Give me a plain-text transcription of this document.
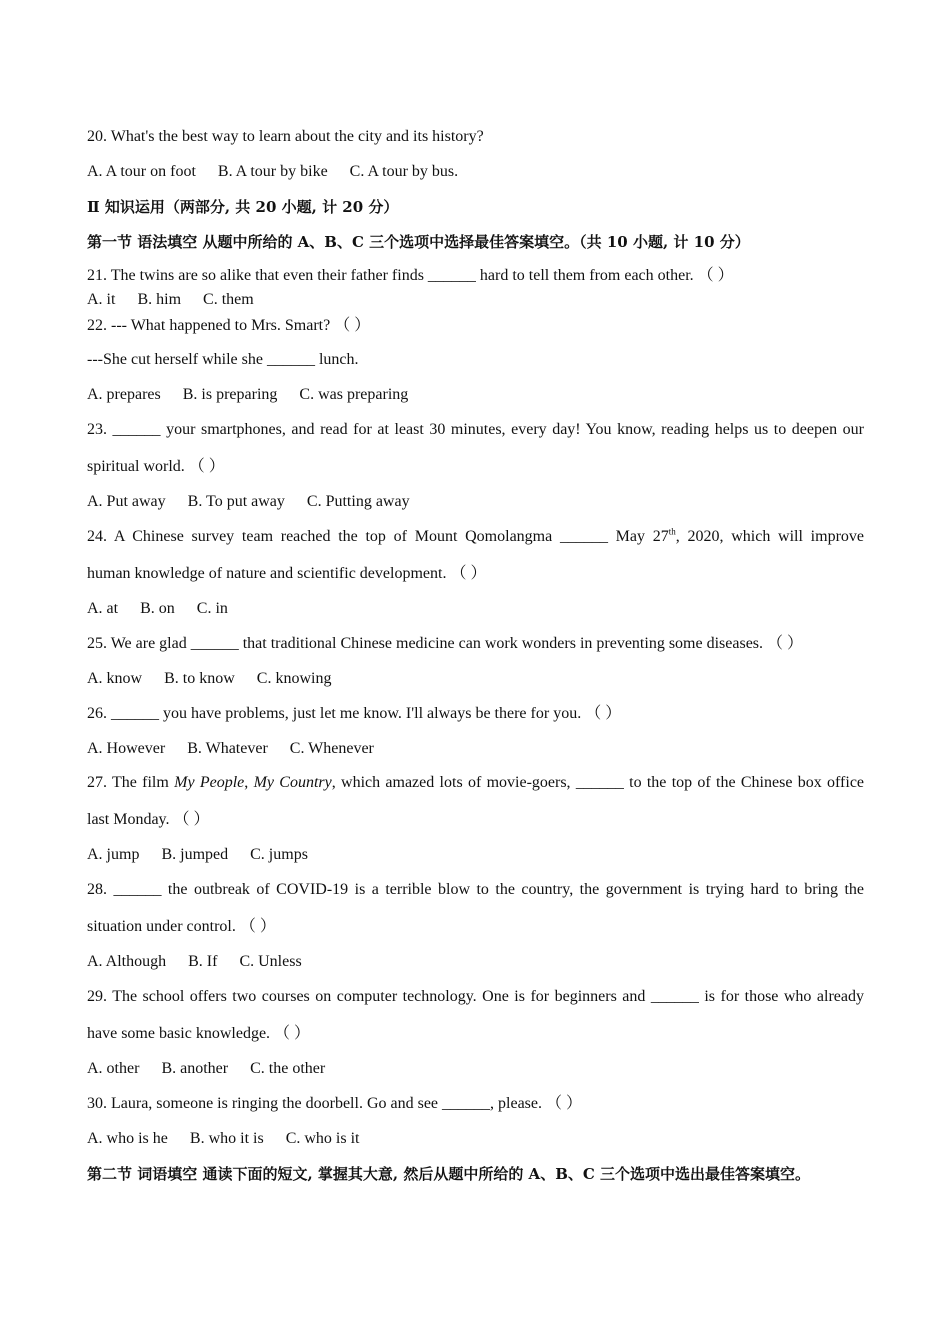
20. What's the best way to learn about the city and its history?
A. A tour on foot B. A tour by bike C. A tour by bus.
Ⅱ 知识运用（两部分, 共 20 小题, 计 20 分）
第一节 语法填空 从题中所给的 A、B、C 三个选项中选择最佳答案填空。（共 10 小题, 计 10 分）
21. The twins are so alike that even their father finds ______ hard to tell them from each other. （ ）
A. it B. him C. them
22. --- What happened to Mrs. Smart? （ ）
---She cut herself while she ______ lunch.
A. prepares B. is preparing C. was preparing
23. ______ your smartphones, and read for at least 30 minutes, every day! You know, reading helps us to deepen our
spiritual world. （ ）
A. Put away B. To put away C. Putting away
24. A Chinese survey team reached the top of Mount Qomolangma ______ May 27th, 2020, which will improve
human knowledge of nature and scientific development. （ ）
A. at B. on C. in
25. We are glad ______ that traditional Chinese medicine can work wonders in preventing some diseases. （ ）
A. know B. to know C. knowing
26. ______ you have problems, just let me know. I'll always be there for you. （ ）
A. However B. Whatever C. Whenever
27. The film My People, My Country, which amazed lots of movie-goers, ______ to the top of the Chinese box office
last Monday. （ ）
A. jump B. jumped C. jumps
28. ______ the outbreak of COVID-19 is a terrible blow to the country, the government is trying hard to bring the
situation under control. （ ）
A. Although B. If C. Unless
29. The school offers two courses on computer technology. One is for beginners and ______ is for those who already
have some basic knowledge. （ ）
A. other B. another C. the other
30. Laura, someone is ringing the doorbell. Go and see ______, please. （ ）
A. who is he B. who it is C. who is it
第二节 词语填空 通读下面的短文, 掌握其大意, 然后从题中所给的 A、B、C 三个选项中选出最佳答案填空。
